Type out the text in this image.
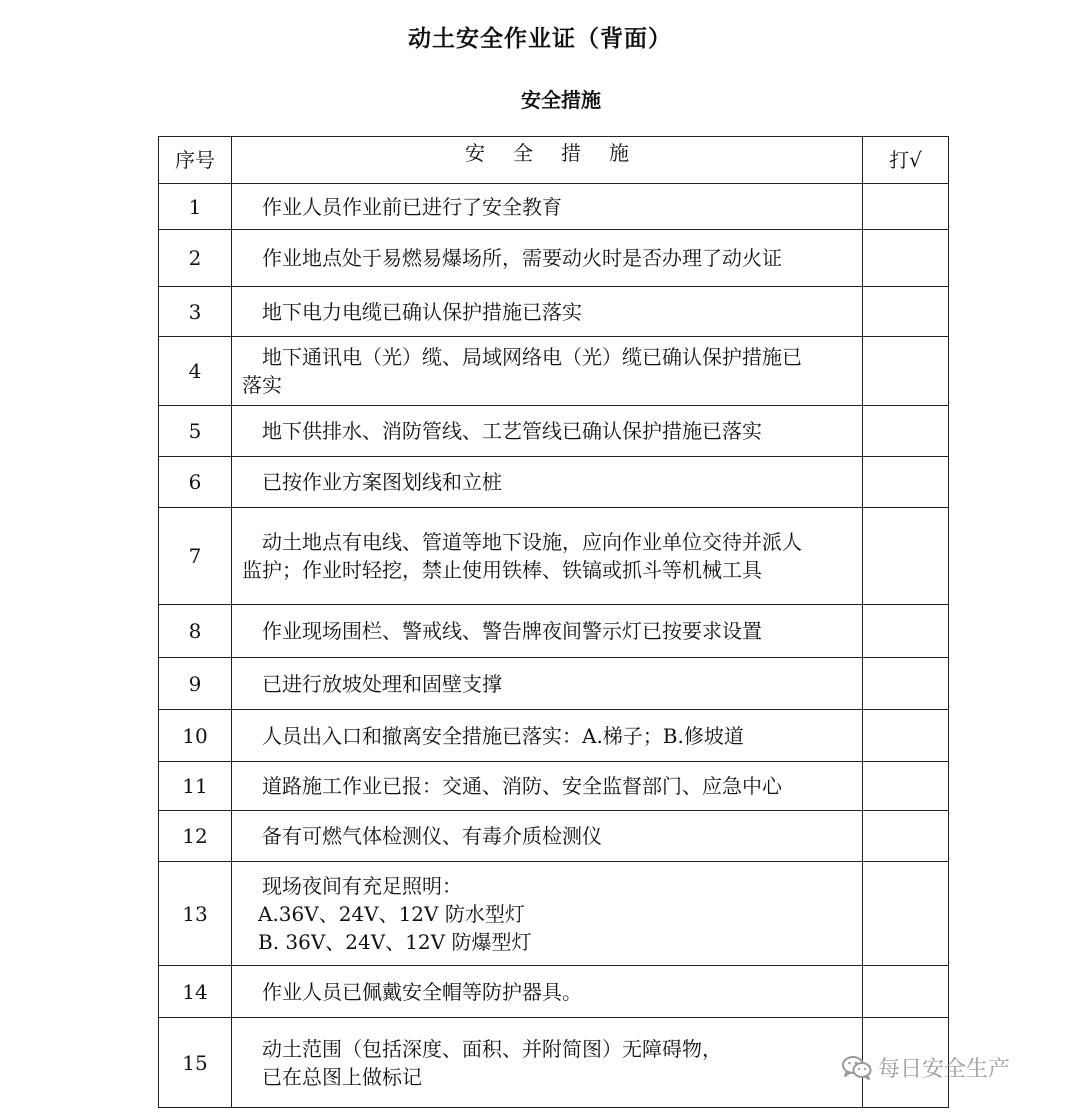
动土安全作业证（背面）
安全措施
序号	安全措施	打√
1	作业人员作业前已进行了安全教育	

2	作业地点处于易燃易爆场所，需要动火时是否办理了动火证	

3	地下电力电缆已确认保护措施已落实	

4	地下通讯电（光）缆、局域网络电（光）缆已确认保护措施已
落实	

5	地下供排水、消防管线、工艺管线已确认保护措施已落实	

6	已按作业方案图划线和立桩	

7	动土地点有电线、管道等地下设施，应向作业单位交待并派人
监护；作业时轻挖，禁止使用铁棒、铁镐或抓斗等机械工具	

8	作业现场围栏、警戒线、警告牌夜间警示灯已按要求设置	

9	已进行放坡处理和固壁支撑	

10	人员出入口和撤离安全措施已落实：A.梯子；B.修坡道	

11	道路施工作业已报：交通、消防、安全监督部门、应急中心	

12	备有可燃气体检测仪、有毒介质检测仪	

13	现场夜间有充足照明：
A.36V、24V、12V 防水型灯
B. 36V、24V、12V 防爆型灯	

14	作业人员已佩戴安全帽等防护器具。	

15	动土范围（包括深度、面积、并附简图）无障碍物，
已在总图上做标记	
		每日安全生产
